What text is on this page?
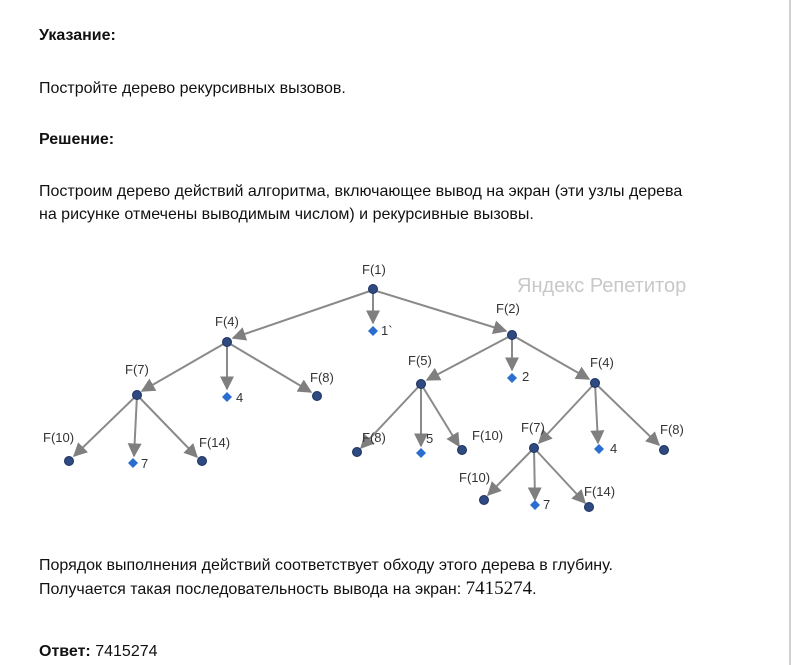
Указание:
Постройте дерево рекурсивных вызовов.
Решение:
Построим дерево действий алгоритма, включающее вывод на экран (эти узлы дерева
на рисунке отмечены выводимым числом) и рекурсивные вызовы.
Яндекс Репетитор
F(1)
F(4)
F(2)
F(7)
F(8)
F(5)	F(4)
F(10)	F(14)	F(8)	F(10)
F(7)	F(8)
F(10)
F(14)
1`
4
2
7
5
4
7
Порядок выполнения действий соответствует обходу этого дерева в глубину.
Получается такая последовательность вывода на экран: 7415274.
Ответ: 7415274
